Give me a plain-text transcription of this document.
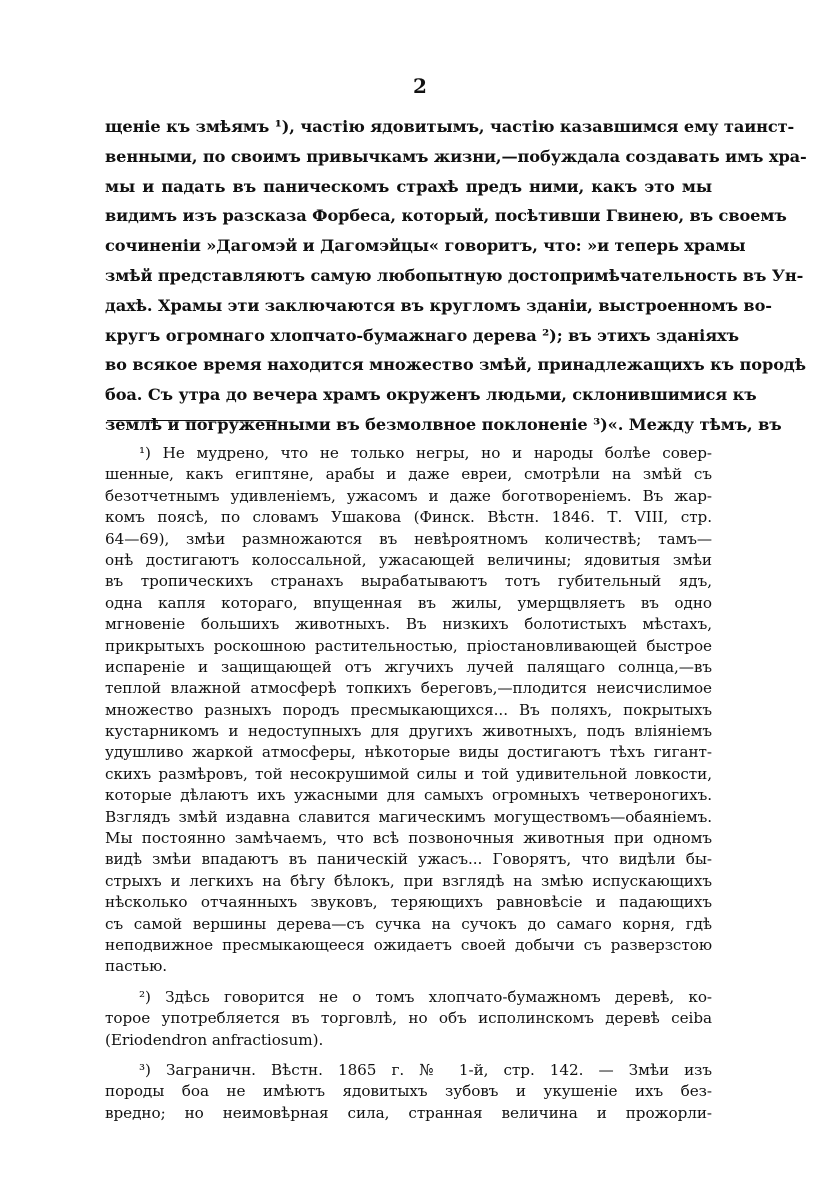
2
щеніе къ змѣямъ ¹), частію ядовитымъ, частію казавшимся ему таинст-
венными, по своимъ привычкамъ жизни,—побуждала создавать имъ хра-
мы и падать въ паническомъ страхѣ предъ ними, какъ это мы
видимъ изъ разсказа Форбеса, который, посѣтивши Гвинею, въ своемъ
сочиненіи »Дагомэй и Дагомэйцы« говоритъ, что: »и теперь храмы
змѣй представляютъ самую любопытную достопримѣчательность въ Ун-
дахѣ. Храмы эти заключаются въ кругломъ зданіи, выстроенномъ во-
кругъ огромнаго хлопчато-бумажнаго дерева ²); въ этихъ зданіяхъ
во всякое время находится множество змѣй, принадлежащихъ къ породѣ
боа. Съ утра до вечера храмъ окруженъ людьми, склонившимися къ
землѣ и погруженными въ безмолвное поклоненіе ³)«. Между тѣмъ, въ
¹) Не мудрено, что не только негры, но и народы болѣе совер-
шенные, какъ египтяне, арабы и даже евреи, смотрѣли на змѣй съ
безотчетнымъ удивленіемъ, ужасомъ и даже боготвореніемъ. Въ жар-
комъ поясѣ, по словамъ Ушакова (Финск. Вѣстн. 1846. Т. VIII, стр.
64—69), змѣи размножаются въ невѣроятномъ количествѣ; тамъ—
онѣ достигаютъ колоссальной, ужасающей величины; ядовитыя змѣи
въ тропическихъ странахъ вырабатываютъ тотъ губительный ядъ,
одна капля котораго, впущенная въ жилы, умерщвляетъ въ одно
мгновеніе большихъ животныхъ. Въ низкихъ болотистыхъ мѣстахъ,
прикрытыхъ роскошною растительностью, пріостановливающей быстрое
испареніе и защищающей отъ жгучихъ лучей палящаго солнца,—въ
теплой влажной атмосферѣ топкихъ береговъ,—плодится неисчислимое
множество разныхъ породъ пресмыкающихся... Въ поляхъ, покрытыхъ
кустарникомъ и недоступныхъ для другихъ животныхъ, подъ вліяніемъ
удушливо жаркой атмосферы, нѣкоторые виды достигаютъ тѣхъ гигант-
скихъ размѣровъ, той несокрушимой силы и той удивительной ловкости,
которые дѣлаютъ ихъ ужасными для самыхъ огромныхъ четвероногихъ.
Взглядъ змѣй издавна славится магическимъ могуществомъ—обаяніемъ.
Мы постоянно замѣчаемъ, что всѣ позвоночныя животныя при одномъ
видѣ змѣи впадаютъ въ паническій ужасъ... Говорятъ, что видѣли бы-
стрыхъ и легкихъ на бѣгу бѣлокъ, при взглядѣ на змѣю испускающихъ
нѣсколько отчаянныхъ звуковъ, теряющихъ равновѣсіе и падающихъ
съ самой вершины дерева—съ сучка на сучокъ до самаго корня, гдѣ
неподвижное пресмыкающееся ожидаетъ своей добычи съ разверзстою
пастью.
²) Здѣсь говорится не о томъ хлопчато-бумажномъ деревѣ, ко-
торое употребляется въ торговлѣ, но объ исполинскомъ деревѣ ceiba
(Eriodendron anfractiosum).
³) Заграничн. Вѣстн. 1865 г. № 1-й, стр. 142. — Змѣи изъ
породы боа не имѣютъ ядовитыхъ зубовъ и укушеніе ихъ без-
вредно; но неимовѣрная сила, странная величина и прожорли-
